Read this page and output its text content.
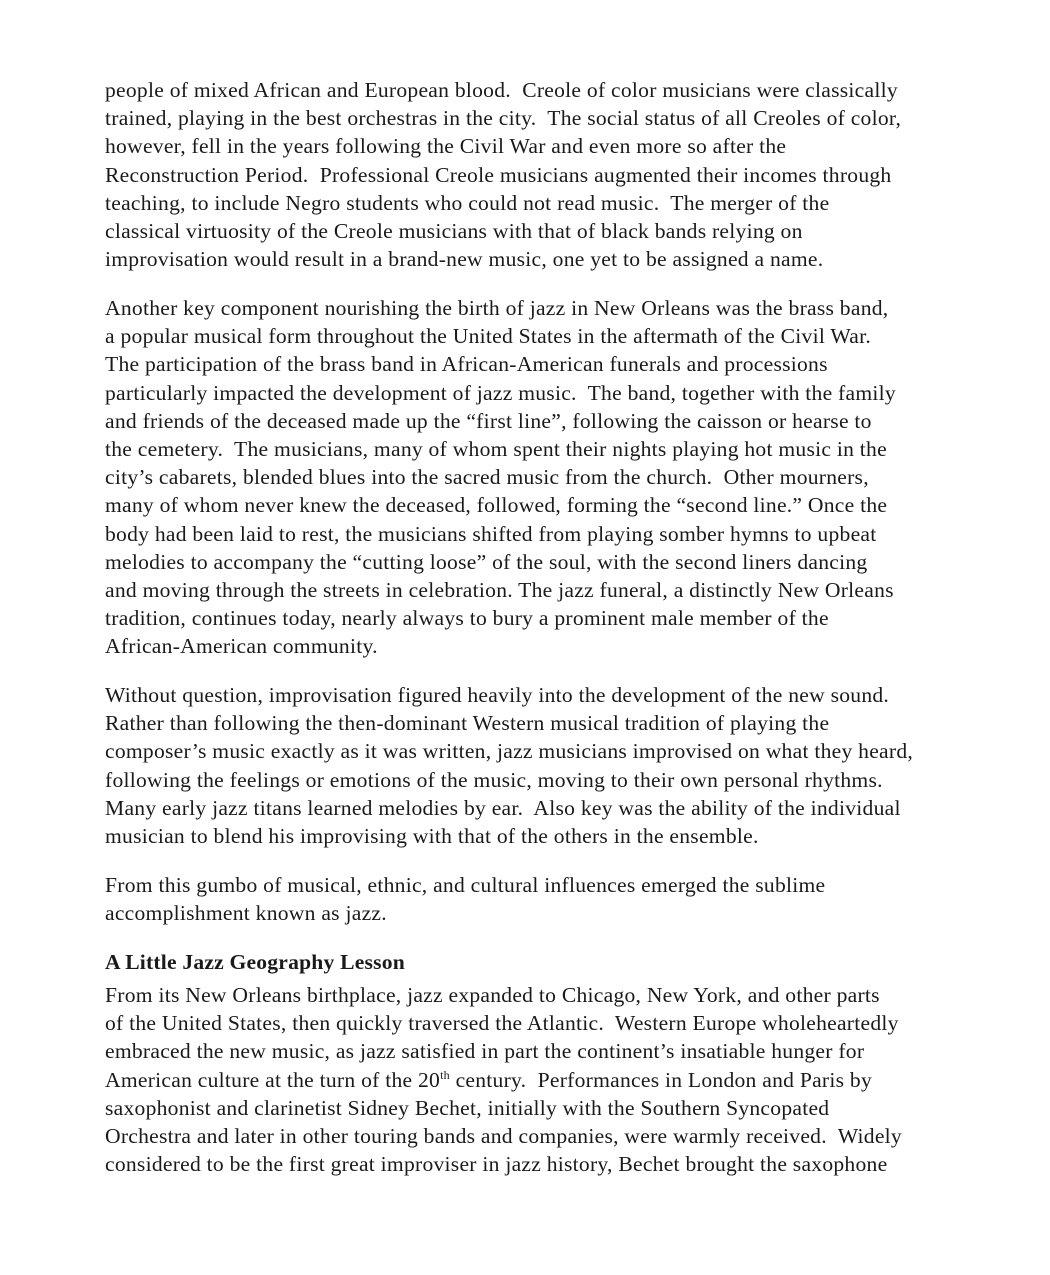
people of mixed African and European blood.  Creole of color musicians were classically
trained, playing in the best orchestras in the city.  The social status of all Creoles of color,
however, fell in the years following the Civil War and even more so after the
Reconstruction Period.  Professional Creole musicians augmented their incomes through
teaching, to include Negro students who could not read music.  The merger of the
classical virtuosity of the Creole musicians with that of black bands relying on
improvisation would result in a brand-new music, one yet to be assigned a name.
Another key component nourishing the birth of jazz in New Orleans was the brass band,
a popular musical form throughout the United States in the aftermath of the Civil War.
The participation of the brass band in African-American funerals and processions
particularly impacted the development of jazz music.  The band, together with the family
and friends of the deceased made up the “first line”, following the caisson or hearse to
the cemetery.  The musicians, many of whom spent their nights playing hot music in the
city’s cabarets, blended blues into the sacred music from the church.  Other mourners,
many of whom never knew the deceased, followed, forming the “second line.” Once the
body had been laid to rest, the musicians shifted from playing somber hymns to upbeat
melodies to accompany the “cutting loose” of the soul, with the second liners dancing
and moving through the streets in celebration. The jazz funeral, a distinctly New Orleans
tradition, continues today, nearly always to bury a prominent male member of the
African-American community.
Without question, improvisation figured heavily into the development of the new sound.
Rather than following the then-dominant Western musical tradition of playing the
composer’s music exactly as it was written, jazz musicians improvised on what they heard,
following the feelings or emotions of the music, moving to their own personal rhythms.
Many early jazz titans learned melodies by ear.  Also key was the ability of the individual
musician to blend his improvising with that of the others in the ensemble.
From this gumbo of musical, ethnic, and cultural influences emerged the sublime
accomplishment known as jazz.
A Little Jazz Geography Lesson
From its New Orleans birthplace, jazz expanded to Chicago, New York, and other parts
of the United States, then quickly traversed the Atlantic.  Western Europe wholeheartedly
embraced the new music, as jazz satisfied in part the continent’s insatiable hunger for
American culture at the turn of the 20th century.  Performances in London and Paris by
saxophonist and clarinetist Sidney Bechet, initially with the Southern Syncopated
Orchestra and later in other touring bands and companies, were warmly received.  Widely
considered to be the first great improviser in jazz history, Bechet brought the saxophone
